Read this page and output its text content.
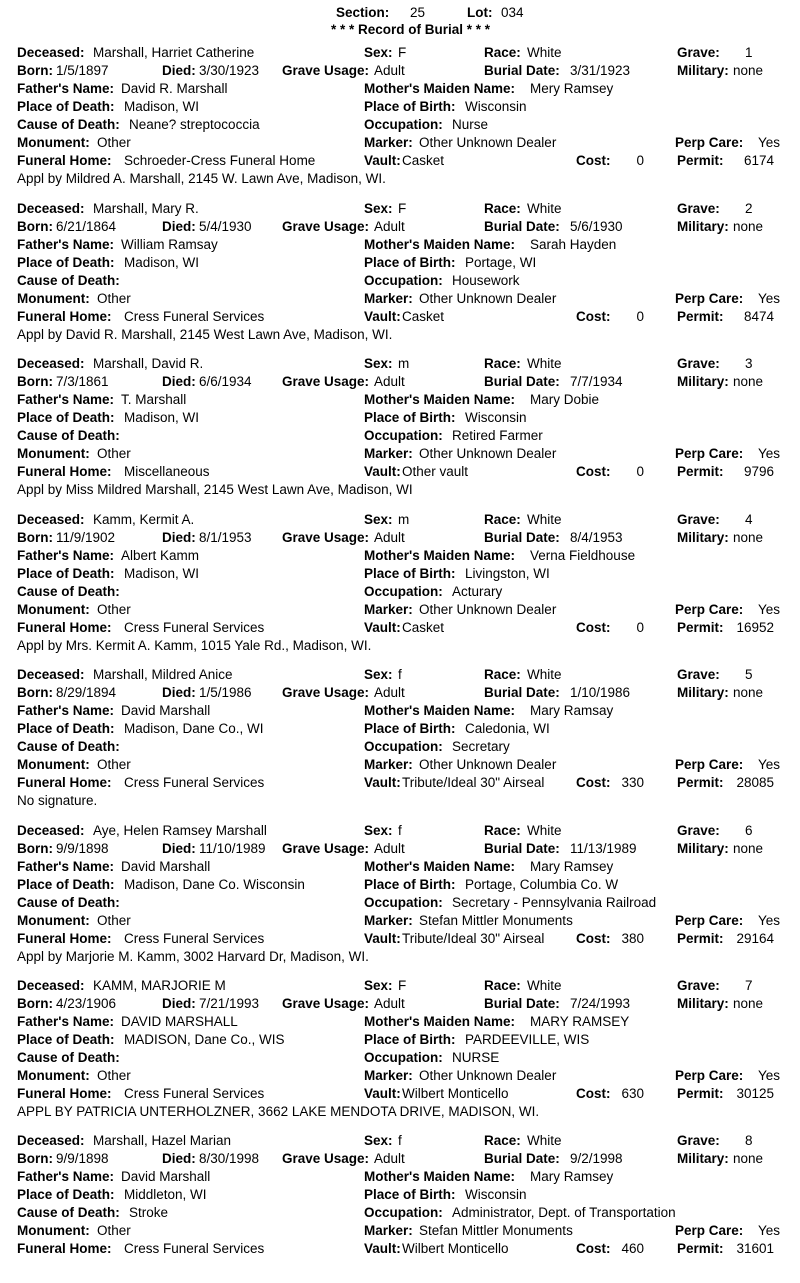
Section: 25	Lot: 034
* * * Record of Burial * * *
Deceased: Marshall, Harriet Catherine	Sex: F	Race: White	Grave: 1
Born: 1/5/1897	Died: 3/30/1923 Grave Usage: Adult	Burial Date: 3/31/1923	Military: none
Father's Name: David R. Marshall	Mother's Maiden Name: Mery Ramsey
Place of Death: Madison, WI	Place of Birth: Wisconsin
Cause of Death: Neane? streptococcia	Occupation: Nurse
Monument: Other	Marker: Other Unknown Dealer	Perp Care: Yes
Funeral Home: Schroeder-Cress Funeral Home	Vault: Casket	Cost:	0 Permit:	6174
Appl by Mildred A. Marshall, 2145 W. Lawn Ave, Madison, WI.
Deceased: Marshall, Mary R.	Sex: F	Race: White	Grave: 2
Born: 6/21/1864	Died: 5/4/1930 Grave Usage: Adult	Burial Date: 5/6/1930	Military: none
Father's Name: William Ramsay	Mother's Maiden Name: Sarah Hayden
Place of Death: Madison, WI	Place of Birth: Portage, WI
Cause of Death:	Occupation: Housework
Monument: Other	Marker: Other Unknown Dealer	Perp Care: Yes
Funeral Home: Cress Funeral Services	Vault: Casket	Cost:	0 Permit:	8474
Appl by David R. Marshall, 2145 West Lawn Ave, Madison, WI.
Deceased: Marshall, David R.	Sex: m	Race: White	Grave: 3
Born: 7/3/1861	Died: 6/6/1934 Grave Usage: Adult	Burial Date: 7/7/1934	Military: none
Father's Name: T. Marshall	Mother's Maiden Name: Mary Dobie
Place of Death: Madison, WI	Place of Birth: Wisconsin
Cause of Death:	Occupation: Retired Farmer
Monument: Other	Marker: Other Unknown Dealer	Perp Care: Yes
Funeral Home: Miscellaneous	Vault: Other vault	Cost:	0 Permit:	9796
Appl by Miss Mildred Marshall, 2145 West Lawn Ave, Madison, WI
Deceased: Kamm, Kermit A.	Sex: m	Race: White	Grave: 4
Born: 11/9/1902	Died: 8/1/1953 Grave Usage: Adult	Burial Date: 8/4/1953	Military: none
Father's Name: Albert Kamm	Mother's Maiden Name: Verna Fieldhouse
Place of Death: Madison, WI	Place of Birth: Livingston, WI
Cause of Death:	Occupation: Acturary
Monument: Other	Marker: Other Unknown Dealer	Perp Care: Yes
Funeral Home: Cress Funeral Services	Vault: Casket	Cost:	0 Permit: 16952
Appl by Mrs. Kermit A. Kamm, 1015 Yale Rd., Madison, WI.
Deceased: Marshall, Mildred Anice	Sex: f	Race: White	Grave: 5
Born: 8/29/1894	Died: 1/5/1986 Grave Usage: Adult	Burial Date: 1/10/1986	Military: none
Father's Name: David Marshall	Mother's Maiden Name: Mary Ramsay
Place of Death: Madison, Dane Co., WI	Place of Birth: Caledonia, WI
Cause of Death:	Occupation: Secretary
Monument: Other	Marker: Other Unknown Dealer	Perp Care: Yes
Funeral Home: Cress Funeral Services	Vault: Tribute/Ideal 30" Airseal Cost: 330 Permit: 28085
No signature.
Deceased: Aye, Helen Ramsey Marshall	Sex: f	Race: White	Grave: 6
Born: 9/9/1898	Died: 11/10/1989 Grave Usage: Adult	Burial Date: 11/13/1989	Military: none
Father's Name: David Marshall	Mother's Maiden Name: Mary Ramsey
Place of Death: Madison, Dane Co. Wisconsin	Place of Birth: Portage, Columbia Co. W
Cause of Death:	Occupation: Secretary - Pennsylvania Railroad
Monument: Other	Marker: Stefan Mittler Monuments	Perp Care: Yes
Funeral Home: Cress Funeral Services	Vault: Tribute/Ideal 30" Airseal Cost: 380 Permit: 29164
Appl by Marjorie M. Kamm, 3002 Harvard Dr, Madison, WI.
Deceased: KAMM, MARJORIE M	Sex: F	Race: White	Grave: 7
Born: 4/23/1906	Died: 7/21/1993 Grave Usage: Adult	Burial Date: 7/24/1993	Military: none
Father's Name: DAVID MARSHALL	Mother's Maiden Name: MARY RAMSEY
Place of Death: MADISON, Dane Co., WIS	Place of Birth: PARDEEVILLE, WIS
Cause of Death:	Occupation: NURSE
Monument: Other	Marker: Other Unknown Dealer	Perp Care: Yes
Funeral Home: Cress Funeral Services	Vault: Wilbert Monticello	Cost: 630 Permit: 30125
APPL BY PATRICIA UNTERHOLZNER, 3662 LAKE MENDOTA DRIVE, MADISON, WI.
Deceased: Marshall, Hazel Marian	Sex: f	Race: White	Grave: 8
Born: 9/9/1898	Died: 8/30/1998 Grave Usage: Adult	Burial Date: 9/2/1998	Military: none
Father's Name: David Marshall	Mother's Maiden Name: Mary Ramsey
Place of Death: Middleton, WI	Place of Birth: Wisconsin
Cause of Death: Stroke	Occupation: Administrator, Dept. of Transportation
Monument: Other	Marker: Stefan Mittler Monuments	Perp Care: Yes
Funeral Home: Cress Funeral Services	Vault: Wilbert Monticello	Cost: 460 Permit: 31601
